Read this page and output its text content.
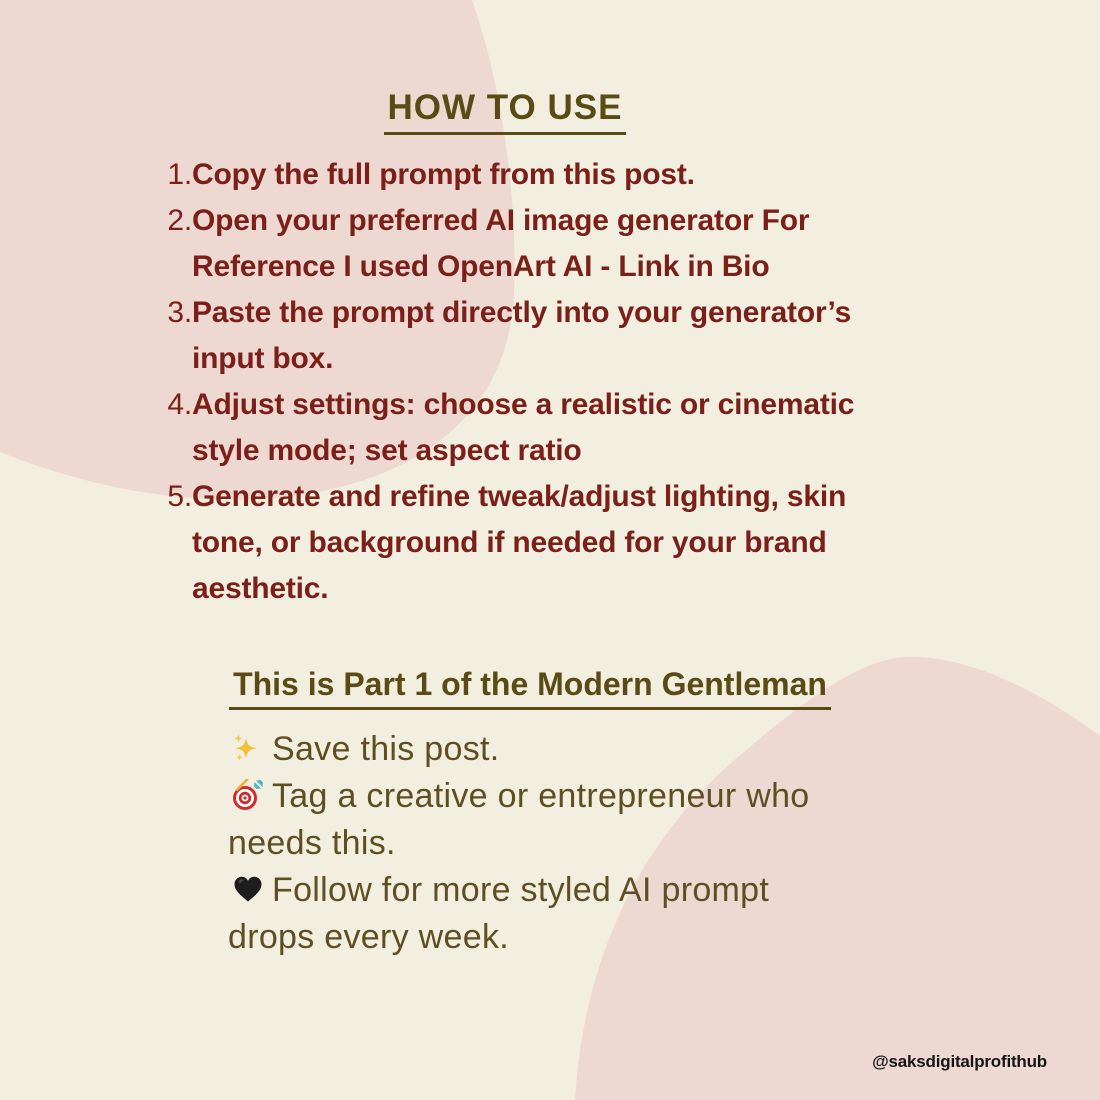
HOW TO USE
1. Copy the full prompt from this post.
2. Open your preferred AI image generator For
Reference I used OpenArt AI - Link in Bio
3. Paste the prompt directly into your generator’s
input box.
4. Adjust settings: choose a realistic or cinematic
style mode; set aspect ratio
5. Generate and refine tweak/adjust lighting, skin
tone, or background if needed for your brand
aesthetic.
This is Part 1 of the Modern Gentleman
Save this post.
Tag a creative or entrepreneur who
needs this.
Follow for more styled AI prompt
drops every week.
@saksdigitalprofithub
